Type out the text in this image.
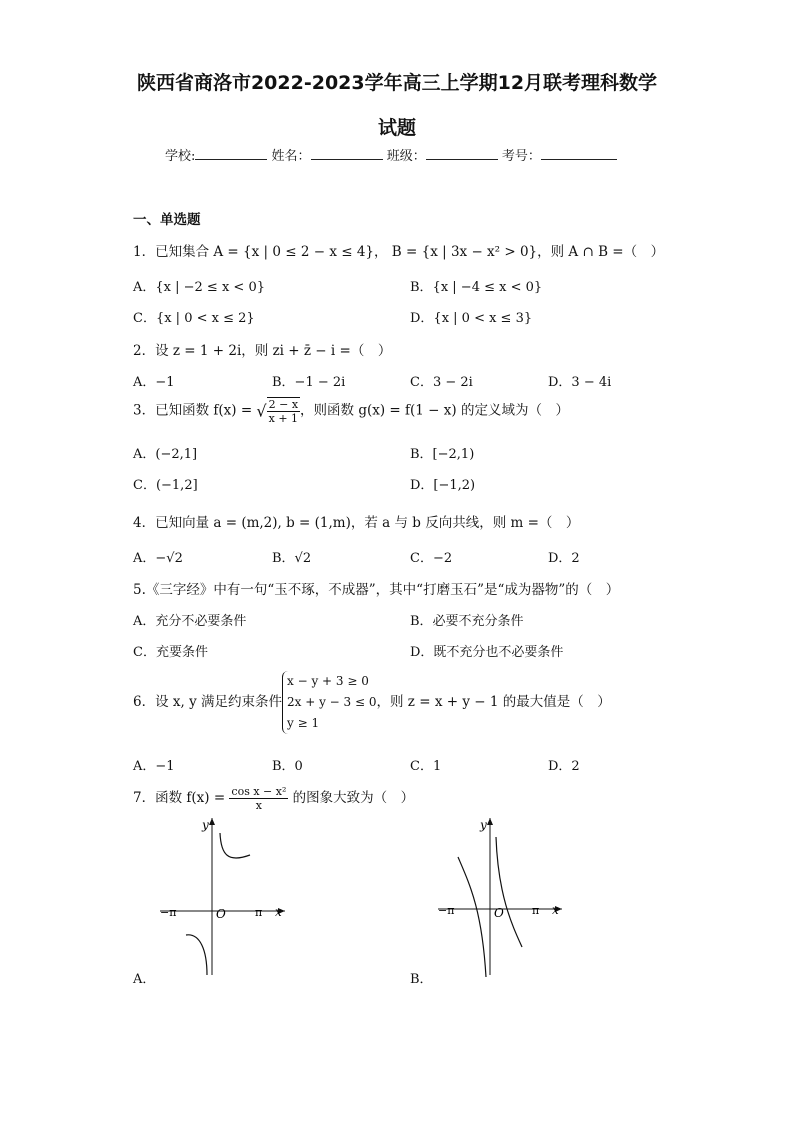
陕西省商洛市2022-2023学年高三上学期12月联考理科数学
试题
学校:	姓名：	班级：	考号：
一、单选题
1．已知集合 A = {x | 0 ≤ 2 − x ≤ 4}， B = {x | 3x − x² > 0}，则 A ∩ B =（　）
A．{x | −2 ≤ x < 0}	B．{x | −4 ≤ x < 0}
C．{x | 0 < x ≤ 2}	D．{x | 0 < x ≤ 3}
2．设 z = 1 + 2i，则 zi + z̄ − i =（　）
A．−1	B．−1 − 2i	C．3 − 2i	D．3 − 4i
3．已知函数 f(x) = √ $\frac{2 - x}{x + 1}$ ，则函数 g(x) = f(1 − x) 的定义域为（　）
A．(−2,1]	B．[−2,1)
C．(−1,2]	D．[−1,2)
4．已知向量 a = (m,2), b = (1,m)，若 a 与 b 反向共线，则 m =（　）
A．−√2	B．√2	C．−2	D．2
5.《三字经》中有一句“玉不琢，不成器”，其中“打磨玉石”是“成为器物”的（　）
A．充分不必要条件	B．必要不充分条件
C．充要条件	D．既不充分也不必要条件
6．设 x, y 满足约束条件
x − y + 3 ≥ 0
2x + y − 3 ≤ 0
y ≥ 1
，则 z = x + y − 1 的最大值是（　）
A．−1	B．0	C．1	D．2
7．函数 $f(x) = \frac{\text{cos x − x²}}{x}$ 的图象大致为（　）
y
x
O
−π	π
A．
y
x
O
−π	π
B．
